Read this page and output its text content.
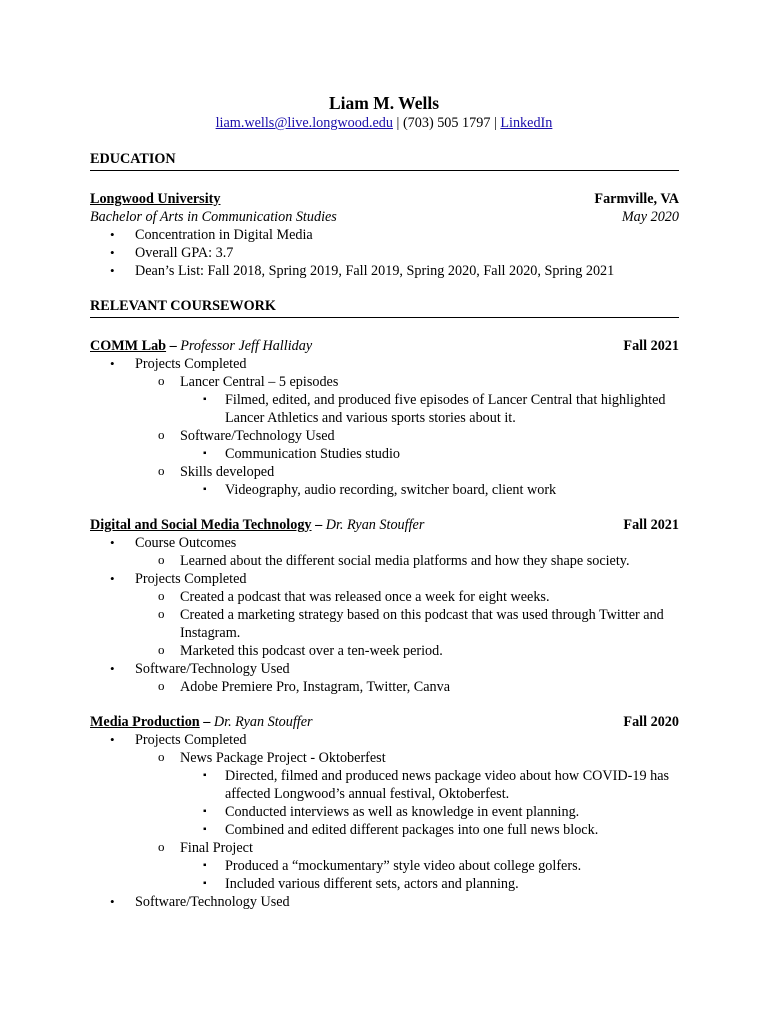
Liam M. Wells
liam.wells@live.longwood.edu | (703) 505 1797 | LinkedIn
EDUCATION
Longwood University	Farmville, VA
Bachelor of Arts in Communication Studies	May 2020
• Concentration in Digital Media
• Overall GPA: 3.7
• Dean’s List: Fall 2018, Spring 2019, Fall 2019, Spring 2020, Fall 2020, Spring 2021
RELEVANT COURSEWORK
COMM Lab – Professor Jeff Halliday	Fall 2021
• Projects Completed
o Lancer Central – 5 episodes
▪ Filmed, edited, and produced five episodes of Lancer Central that highlighted Lancer Athletics and various sports stories about it.
o Software/Technology Used
▪ Communication Studies studio
o Skills developed
▪ Videography, audio recording, switcher board, client work
Digital and Social Media Technology – Dr. Ryan Stouffer	Fall 2021
• Course Outcomes
o Learned about the different social media platforms and how they shape society.
• Projects Completed
o Created a podcast that was released once a week for eight weeks.
o Created a marketing strategy based on this podcast that was used through Twitter and Instagram.
o Marketed this podcast over a ten-week period.
• Software/Technology Used
o Adobe Premiere Pro, Instagram, Twitter, Canva
Media Production – Dr. Ryan Stouffer	Fall 2020
• Projects Completed
o News Package Project - Oktoberfest
▪ Directed, filmed and produced news package video about how COVID-19 has affected Longwood’s annual festival, Oktoberfest.
▪ Conducted interviews as well as knowledge in event planning.
▪ Combined and edited different packages into one full news block.
o Final Project
▪ Produced a “mockumentary” style video about college golfers.
▪ Included various different sets, actors and planning.
• Software/Technology Used
